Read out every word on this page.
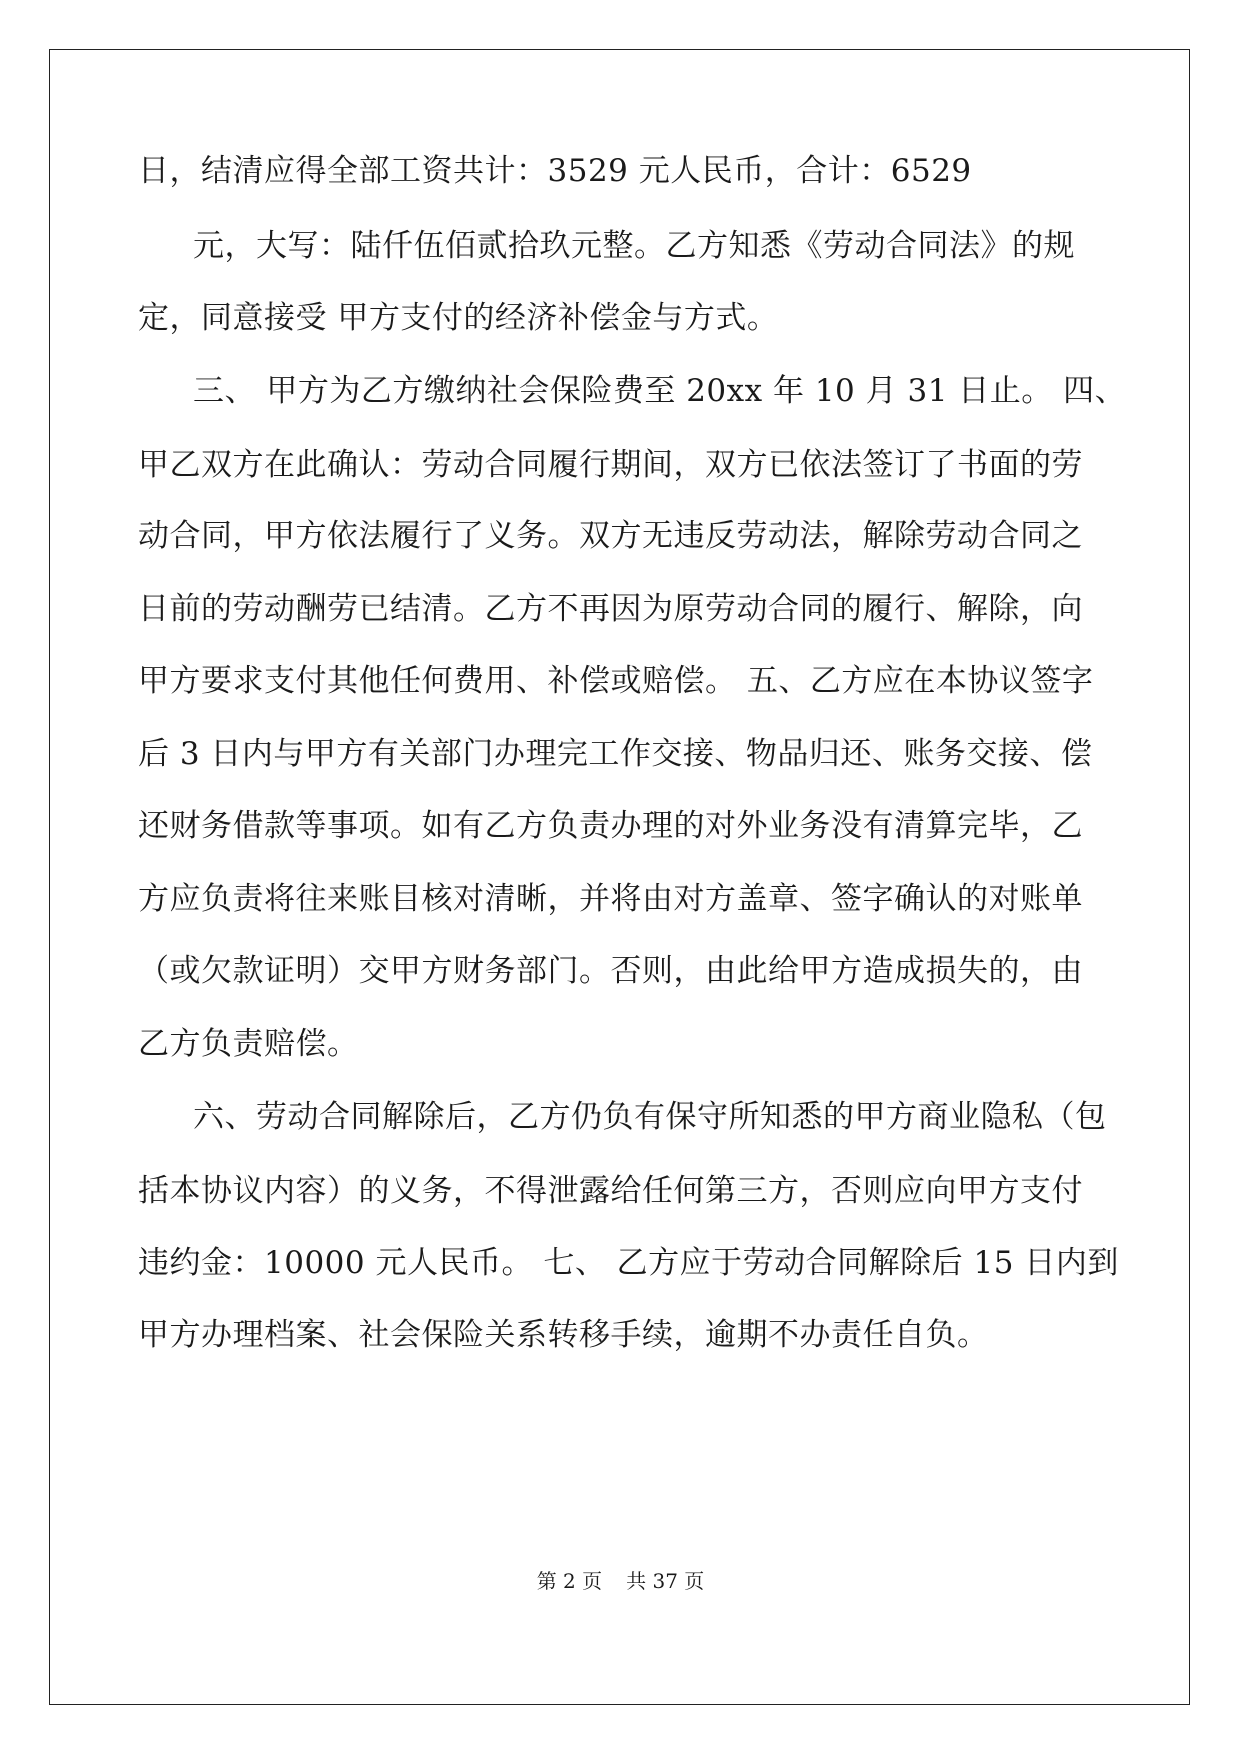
日，结清应得全部工资共计：3529 元人民币，合计：6529
元，大写：陆仟伍佰贰拾玖元整。乙方知悉《劳动合同法》的规
定，同意接受 甲方支付的经济补偿金与方式。
三、 甲方为乙方缴纳社会保险费至 20xx 年 10 月 31 日止。 四、
甲乙双方在此确认：劳动合同履行期间，双方已依法签订了书面的劳
动合同，甲方依法履行了义务。双方无违反劳动法，解除劳动合同之
日前的劳动酬劳已结清。乙方不再因为原劳动合同的履行、解除，向
甲方要求支付其他任何费用、补偿或赔偿。 五、乙方应在本协议签字
后 3 日内与甲方有关部门办理完工作交接、物品归还、账务交接、偿
还财务借款等事项。如有乙方负责办理的对外业务没有清算完毕，乙
方应负责将往来账目核对清晰，并将由对方盖章、签字确认的对账单
（或欠款证明）交甲方财务部门。否则，由此给甲方造成损失的，由
乙方负责赔偿。
六、劳动合同解除后，乙方仍负有保守所知悉的甲方商业隐私（包
括本协议内容）的义务，不得泄露给任何第三方，否则应向甲方支付
违约金：10000 元人民币。 七、 乙方应于劳动合同解除后 15 日内到
甲方办理档案、社会保险关系转移手续，逾期不办责任自负。
第 2 页 共 37 页
